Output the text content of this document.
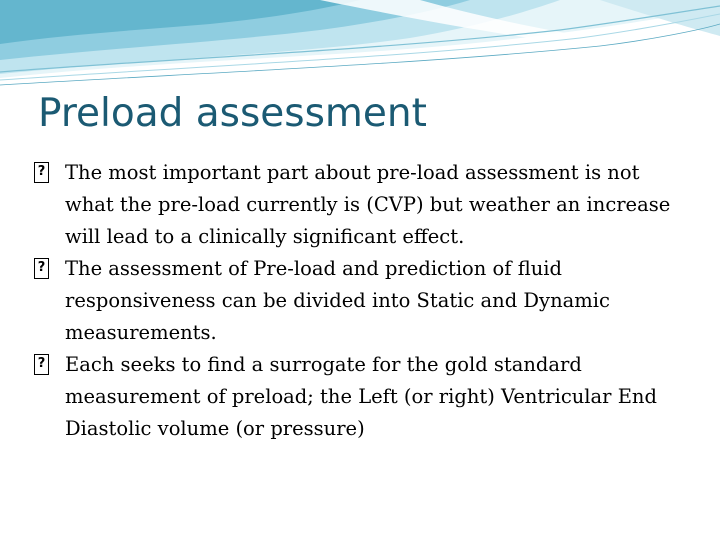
Preload assessment
?
The most important part about pre-load assessment is not what the pre-load currently is (CVP) but weather an increase will lead to a clinically significant effect.
?
The assessment of Pre-load and prediction of fluid responsiveness can be divided into Static and Dynamic measurements.
?
Each seeks to find a surrogate for the gold standard measurement of preload; the Left (or right) Ventricular End Diastolic volume (or pressure)
